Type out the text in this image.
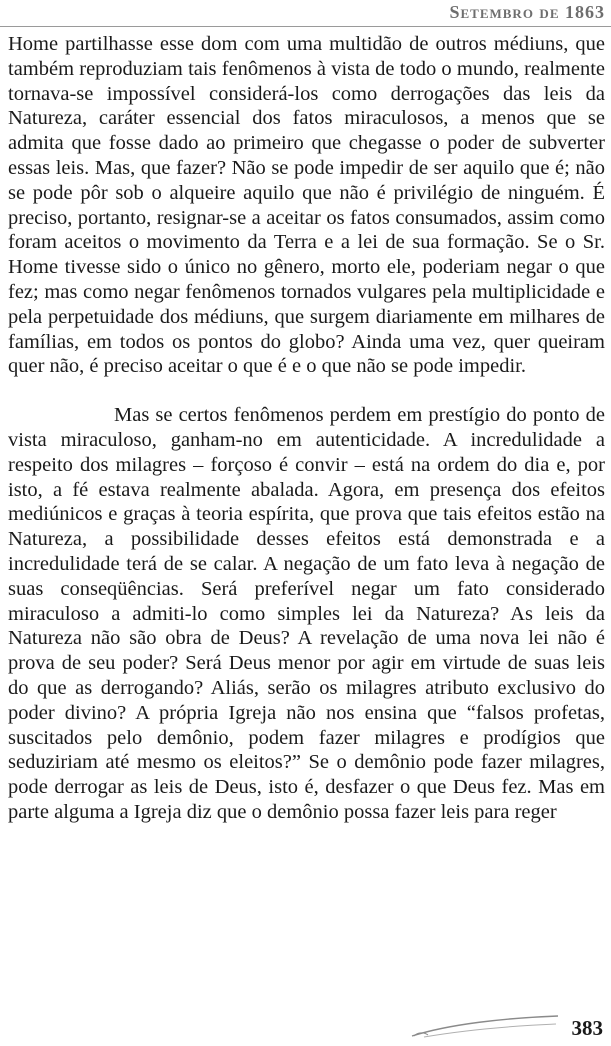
Setembro de 1863

Home partilhasse esse dom com uma multidão de outros médiuns, que também reproduziam tais fenômenos à vista de todo o mundo, realmente tornava-se impossível considerá-los como derrogações das leis da Natureza, caráter essencial dos fatos miraculosos, a menos que se admita que fosse dado ao primeiro que chegasse o poder de subverter essas leis. Mas, que fazer? Não se pode impedir de ser aquilo que é; não se pode pôr sob o alqueire aquilo que não é privilégio de ninguém. É preciso, portanto, resignar-se a aceitar os fatos consumados, assim como foram aceitos o movimento da Terra e a lei de sua formação. Se o Sr. Home tivesse sido o único no gênero, morto ele, poderiam negar o que fez; mas como negar fenômenos tornados vulgares pela multiplicidade e pela perpetuidade dos médiuns, que surgem diariamente em milhares de famílias, em todos os pontos do globo? Ainda uma vez, quer queiram quer não, é preciso aceitar o que é e o que não se pode impedir.

Mas se certos fenômenos perdem em prestígio do ponto de vista miraculoso, ganham-no em autenticidade. A incredulidade a respeito dos milagres – forçoso é convir – está na ordem do dia e, por isto, a fé estava realmente abalada. Agora, em presença dos efeitos mediúnicos e graças à teoria espírita, que prova que tais efeitos estão na Natureza, a possibilidade desses efeitos está demonstrada e a incredulidade terá de se calar. A negação de um fato leva à negação de suas conseqüências. Será preferível negar um fato considerado miraculoso a admiti-lo como simples lei da Natureza? As leis da Natureza não são obra de Deus? A revelação de uma nova lei não é prova de seu poder? Será Deus menor por agir em virtude de suas leis do que as derrogando? Aliás, serão os milagres atributo exclusivo do poder divino? A própria Igreja não nos ensina que “falsos profetas, suscitados pelo demônio, podem fazer milagres e prodígios que seduziriam até mesmo os eleitos?” Se o demônio pode fazer milagres, pode derrogar as leis de Deus, isto é, desfazer o que Deus fez. Mas em parte alguma a Igreja diz que o demônio possa fazer leis para reger

383
